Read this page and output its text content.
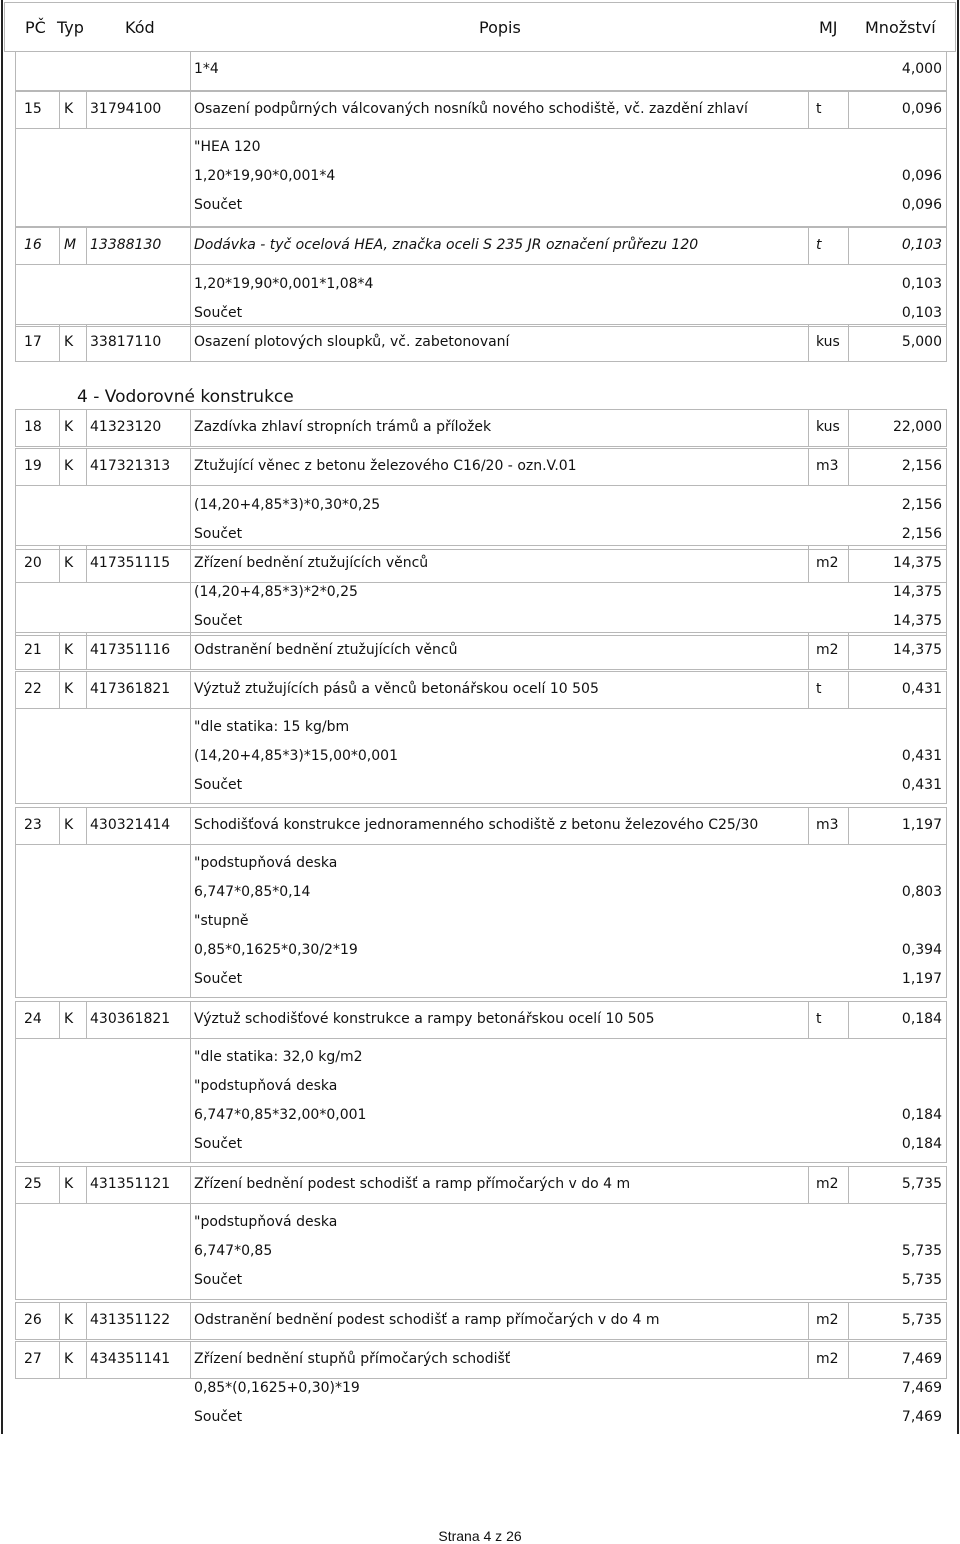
PČ Typ	Kód	Popis	MJ Množství
1*4	4,000
15 K 31794100 Osazení podpůrných válcovaných nosníků nového schodiště, vč. zazdění zhlaví	t	0,096
"HEA 120
1,20*19,90*0,001*4	0,096
Součet	0,096
16 M 13388130 Dodávka - tyč ocelová HEA, značka oceli S 235 JR označení průřezu 120	t	0,103
1,20*19,90*0,001*1,08*4	0,103
Součet	0,103
17 K 33817110 Osazení plotových sloupků, vč. zabetonovaní	kus	5,000
4 - Vodorovné konstrukce
18 K 41323120 Zazdívka zhlaví stropních trámů a příložek	kus	22,000
19 K 417321313 Ztužující věnec z betonu železového C16/20 - ozn.V.01	m3	2,156
(14,20+4,85*3)*0,30*0,25	2,156
Součet	2,156
20 K 417351115 Zřízení bednění ztužujících věnců	m2	14,375
(14,20+4,85*3)*2*0,25	14,375
Součet	14,375
21 K 417351116 Odstranění bednění ztužujících věnců	m2	14,375
22 K 417361821 Výztuž ztužujících pásů a věnců betonářskou ocelí 10 505	t	0,431
"dle statika: 15 kg/bm
(14,20+4,85*3)*15,00*0,001	0,431
Součet	0,431
23 K 430321414 Schodišťová konstrukce jednoramenného schodiště z betonu železového C25/30	m3	1,197
"podstupňová deska
6,747*0,85*0,14	0,803
"stupně
0,85*0,1625*0,30/2*19	0,394
Součet	1,197
24 K 430361821 Výztuž schodišťové konstrukce a rampy betonářskou ocelí 10 505	t	0,184
"dle statika: 32,0 kg/m2
"podstupňová deska
6,747*0,85*32,00*0,001	0,184
Součet	0,184
25 K 431351121 Zřízení bednění podest schodišť a ramp přímočarých v do 4 m	m2	5,735
"podstupňová deska
6,747*0,85	5,735
Součet	5,735
26 K 431351122 Odstranění bednění podest schodišť a ramp přímočarých v do 4 m	m2	5,735
27 K 434351141 Zřízení bednění stupňů přímočarých schodišť	m2	7,469
0,85*(0,1625+0,30)*19	7,469
Součet	7,469
Strana 4 z 26
